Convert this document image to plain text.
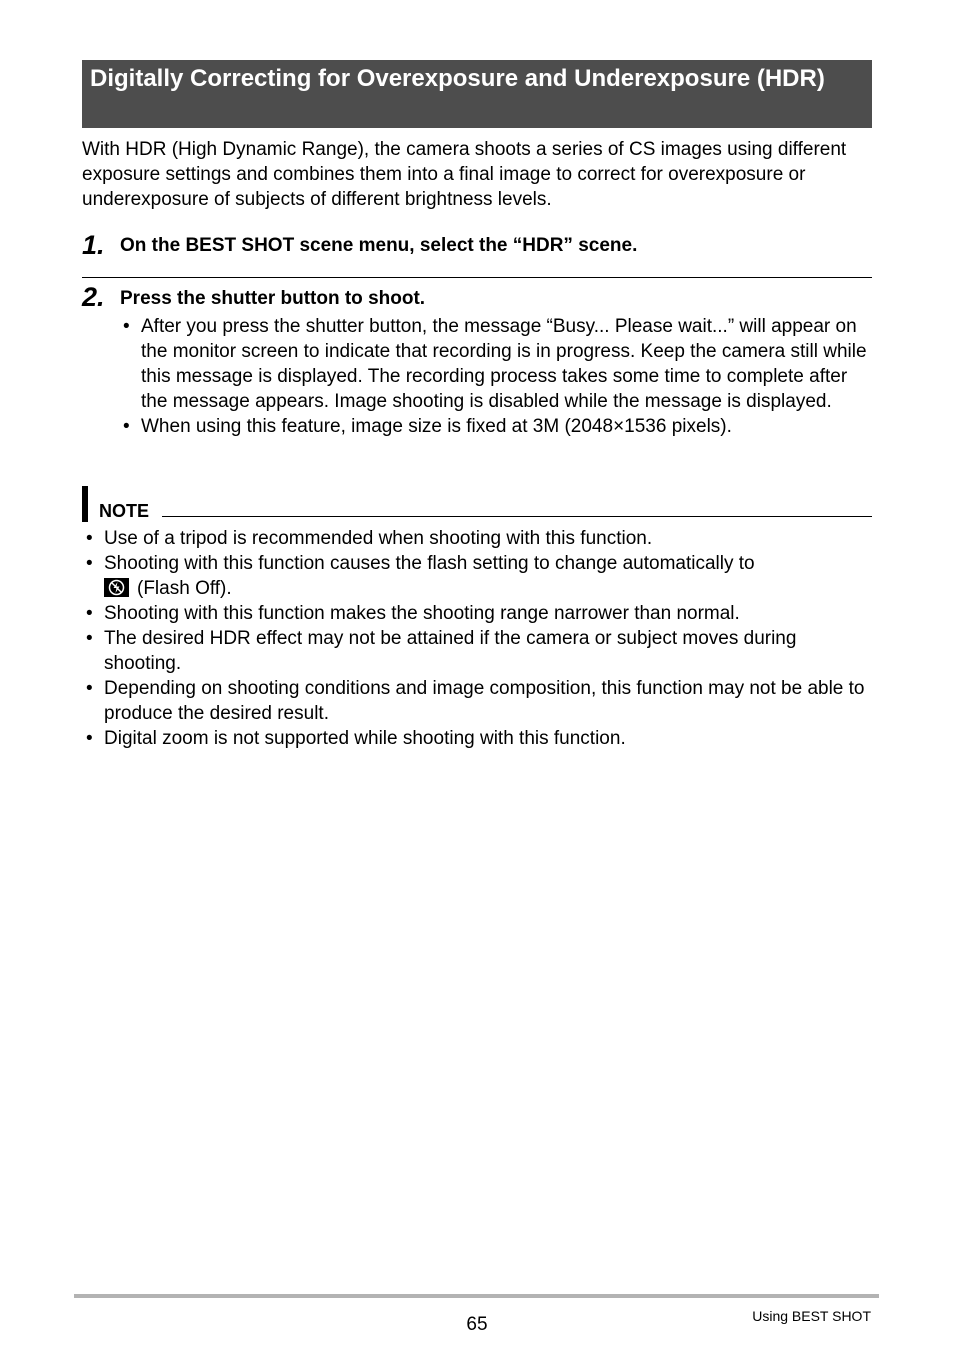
Digitally Correcting for Overexposure and Underexposure (HDR)

With HDR (High Dynamic Range), the camera shoots a series of CS images using different exposure settings and combines them into a final image to correct for overexposure or underexposure of subjects of different brightness levels.

1. On the BEST SHOT scene menu, select the “HDR” scene.
2. Press the shutter button to shoot.
• After you press the shutter button, the message “Busy... Please wait...” will appear on the monitor screen to indicate that recording is in progress. Keep the camera still while this message is displayed. The recording process takes some time to complete after the message appears. Image shooting is disabled while the message is displayed.
• When using this feature, image size is fixed at 3M (2048×1536 pixels).
NOTE
• Use of a tripod is recommended when shooting with this function.
• Shooting with this function causes the flash setting to change automatically to

(Flash Off).
• Shooting with this function makes the shooting range narrower than normal.
• The desired HDR effect may not be attained if the camera or subject moves during shooting.
• Depending on shooting conditions and image composition, this function may not be able to produce the desired result.
• Digital zoom is not supported while shooting with this function.
65	Using BEST SHOT
